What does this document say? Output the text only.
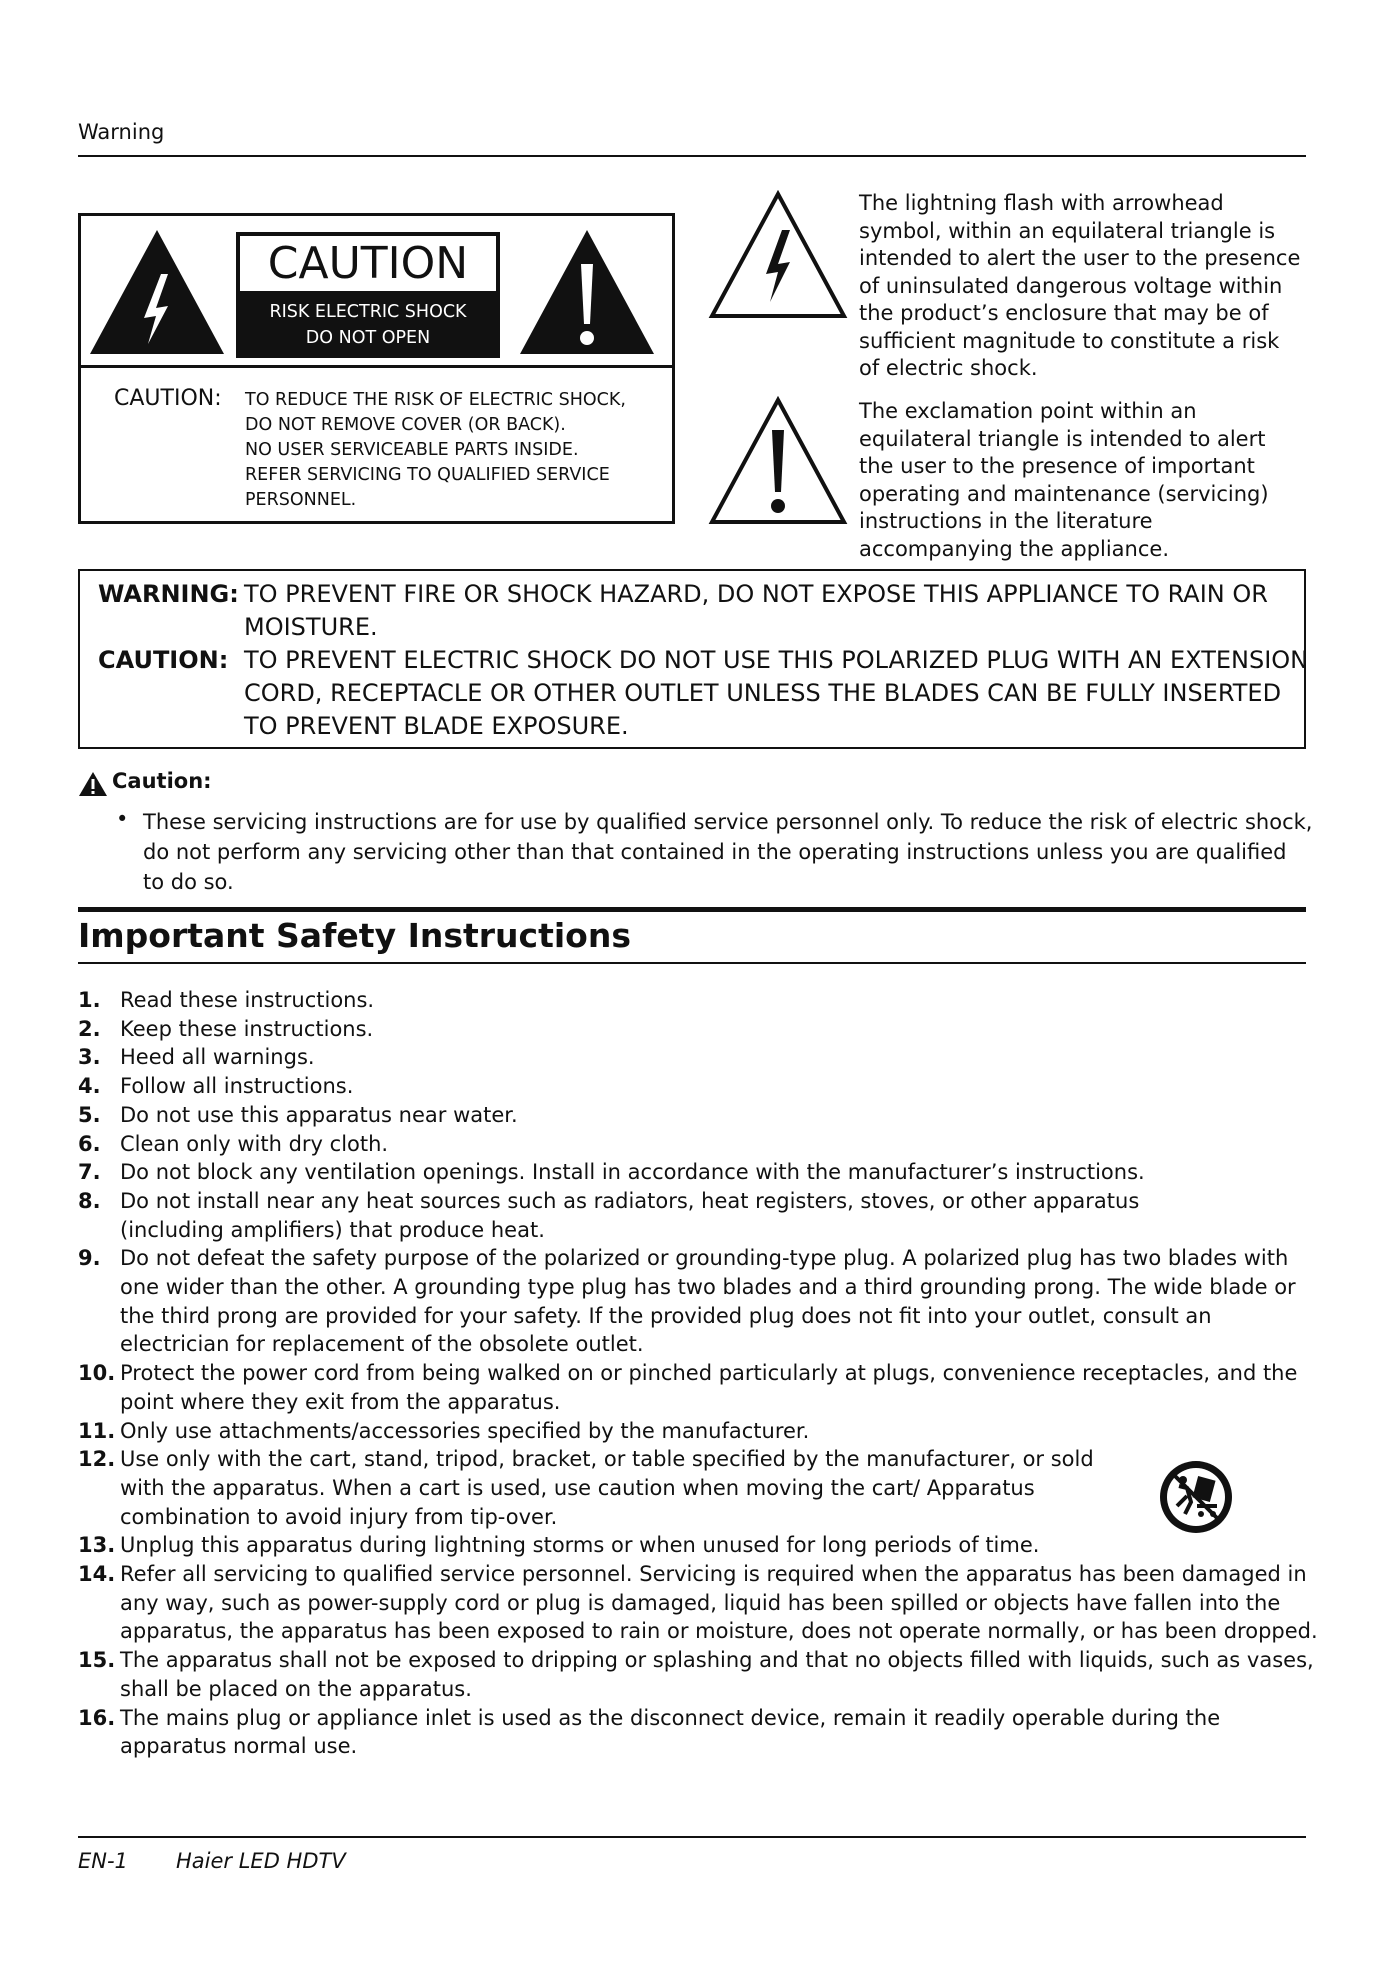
Warning
CAUTION
RISK ELECTRIC SHOCK
DO NOT OPEN
CAUTION: TO REDUCE THE RISK OF ELECTRIC SHOCK,
DO NOT REMOVE COVER (OR BACK).
NO USER SERVICEABLE PARTS INSIDE.
REFER SERVICING TO QUALIFIED SERVICE
PERSONNEL.
The lightning flash with arrowhead symbol, within an equilateral triangle is intended to alert the user to the presence of uninsulated dangerous voltage within the product’s enclosure that may be of sufficient magnitude to constitute a risk of electric shock.
The exclamation point within an equilateral triangle is intended to alert the user to the presence of important operating and maintenance (servicing) instructions in the literature accompanying the appliance.
WARNING: TO PREVENT FIRE OR SHOCK HAZARD, DO NOT EXPOSE THIS APPLIANCE TO RAIN OR MOISTURE.
CAUTION: TO PREVENT ELECTRIC SHOCK DO NOT USE THIS POLARIZED PLUG WITH AN EXTENSION CORD, RECEPTACLE OR OTHER OUTLET UNLESS THE BLADES CAN BE FULLY INSERTED TO PREVENT BLADE EXPOSURE.
Caution:
• These servicing instructions are for use by qualified service personnel only. To reduce the risk of electric shock, do not perform any servicing other than that contained in the operating instructions unless you are qualified to do so.
Important Safety Instructions
1. Read these instructions.
2. Keep these instructions.
3. Heed all warnings.
4. Follow all instructions.
5. Do not use this apparatus near water.
6. Clean only with dry cloth.
7. Do not block any ventilation openings. Install in accordance with the manufacturer’s instructions.
8. Do not install near any heat sources such as radiators, heat registers, stoves, or other apparatus (including amplifiers) that produce heat.
9. Do not defeat the safety purpose of the polarized or grounding-type plug. A polarized plug has two blades with one wider than the other. A grounding type plug has two blades and a third grounding prong. The wide blade or the third prong are provided for your safety. If the provided plug does not fit into your outlet, consult an electrician for replacement of the obsolete outlet.
10. Protect the power cord from being walked on or pinched particularly at plugs, convenience receptacles, and the point where they exit from the apparatus.
11. Only use attachments/accessories specified by the manufacturer.
12. Use only with the cart, stand, tripod, bracket, or table specified by the manufacturer, or sold with the apparatus. When a cart is used, use caution when moving the cart/ Apparatus combination to avoid injury from tip-over.
13. Unplug this apparatus during lightning storms or when unused for long periods of time.
14. Refer all servicing to qualified service personnel. Servicing is required when the apparatus has been damaged in any way, such as power-supply cord or plug is damaged, liquid has been spilled or objects have fallen into the apparatus, the apparatus has been exposed to rain or moisture, does not operate normally, or has been dropped.
15. The apparatus shall not be exposed to dripping or splashing and that no objects filled with liquids, such as vases, shall be placed on the apparatus.
16. The mains plug or appliance inlet is used as the disconnect device, remain it readily operable during the apparatus normal use.
EN-1 Haier LED HDTV
